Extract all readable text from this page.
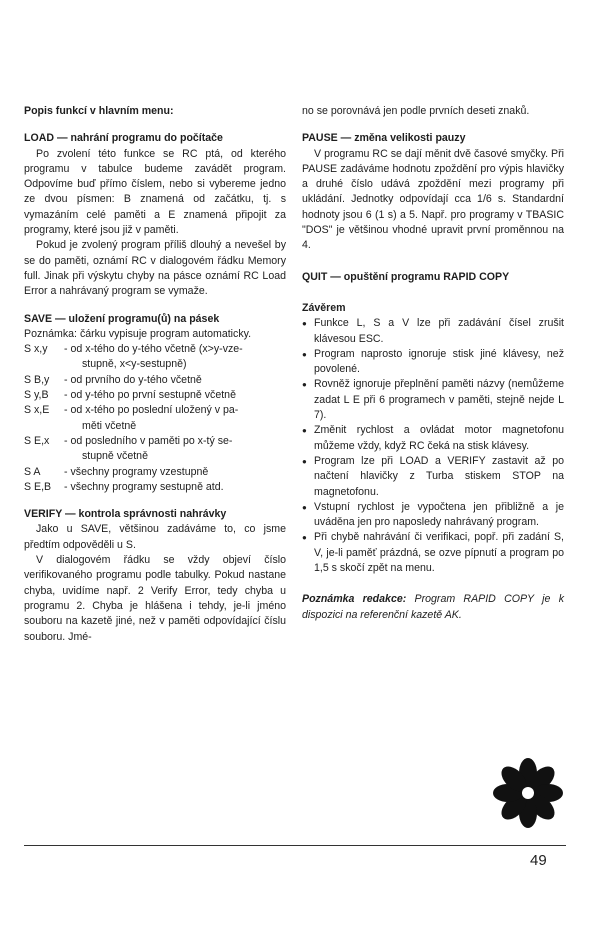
Popis funkcí v hlavním menu:

LOAD — nahrání programu do počítače

Po zvolení této funkce se RC ptá, od kterého programu v tabulce budeme zavádět program. Odpovíme buď přímo číslem, nebo si vybereme jedno ze dvou písmen: B znamená od začátku, tj. s vymazáním celé paměti a E znamená připojit za programy, které jsou již v paměti.

Pokud je zvolený program příliš dlouhý a nevešel by se do paměti, oznámí RC v dialogovém řádku Memory full. Jinak při výskytu chyby na pásce oznámí RC Load Error a nahrávaný program se vymaže.

SAVE — uložení programu(ů) na pásek

Poznámka: čárku vypisuje program automaticky.

S x,y	- od x-tého do y-tého včetně (x>y-vze-
stupně, x<y-sestupně)
S B,y	- od prvního do y-tého včetně
S y,B	- od y-tého po první sestupně včetně
S x,E	- od x-tého po poslední uložený v pa-
měti včetně
S E,x	- od posledního v paměti po x-tý se-
stupně včetně
S A	- všechny programy vzestupně
S E,B	- všechny programy sestupně atd.

VERIFY — kontrola správnosti nahrávky

Jako u SAVE, většinou zadáváme to, co jsme předtím odpověděli u S.

V dialogovém řádku se vždy objeví číslo verifikovaného programu podle tabulky. Pokud nastane chyba, uvidíme např. 2 Verify Error, tedy chyba u programu 2. Chyba je hlášena i tehdy, je-li jméno souboru na kazetě jiné, než v paměti odpovídající číslu souboru. Jmé-

no se porovnává jen podle prvních deseti znaků.

PAUSE — změna velikosti pauzy

V programu RC se dají měnit dvě časové smyčky. Při PAUSE zadáváme hodnotu zpoždění pro výpis hlavičky a druhé číslo udává zpoždění mezi programy při ukládání. Jednotky odpovídají cca 1/6 s. Standardní hodnoty jsou 6 (1 s) a 5. Např. pro programy v TBASIC "DOS" je většinou vhodné upravit první proměnnou na 4.

QUIT — opuštění programu RAPID COPY

Závěrem

● Funkce L, S a V lze při zadávání čísel zrušit klávesou ESC.
● Program naprosto ignoruje stisk jiné klávesy, než povolené.
● Rovněž ignoruje přeplnění paměti názvy (nemůžeme zadat L E při 6 programech v paměti, stejně nejde L 7).
● Změnit rychlost a ovládat motor magnetofonu můžeme vždy, když RC čeká na stisk klávesy.
● Program lze při LOAD a VERIFY zastavit až po načtení hlavičky z Turba stiskem STOP na magnetofonu.
● Vstupní rychlost je vypočtena jen přibližně a je uváděna jen pro naposledy nahrávaný program.
● Při chybě nahrávání či verifikaci, popř. při zadání S, V, je-li paměť prázdná, se ozve pípnutí a program po 1,5 s skočí zpět na menu.

Poznámka redakce: Program RAPID COPY je k dispozici na referenční kazetě AK.

49
